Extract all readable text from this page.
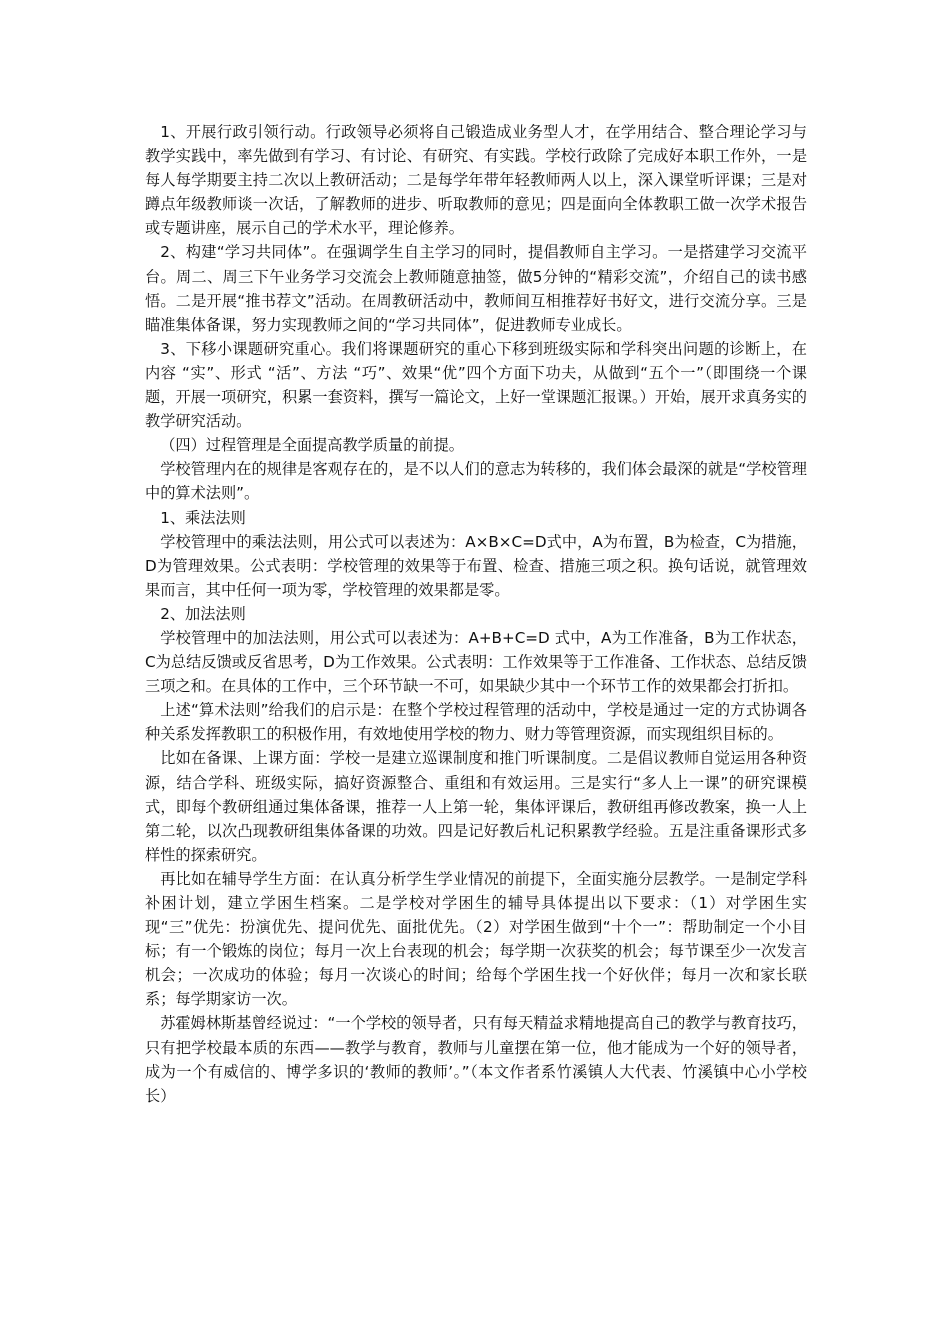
1、开展行政引领行动。行政领导必须将自己锻造成业务型人才，在学用结合、整合理论学习与教学实践中，率先做到有学习、有讨论、有研究、有实践。学校行政除了完成好本职工作外，一是每人每学期要主持二次以上教研活动；二是每学年带年轻教师两人以上，深入课堂听评课；三是对蹲点年级教师谈一次话，了解教师的进步、听取教师的意见；四是面向全体教职工做一次学术报告或专题讲座，展示自己的学术水平，理论修养。

2、构建“学习共同体”。在强调学生自主学习的同时，提倡教师自主学习。一是搭建学习交流平台。周二、周三下午业务学习交流会上教师随意抽签，做5分钟的“精彩交流”，介绍自己的读书感悟。二是开展“推书荐文”活动。在周教研活动中，教师间互相推荐好书好文，进行交流分享。三是瞄准集体备课，努力实现教师之间的“学习共同体”，促进教师专业成长。

3、下移小课题研究重心。我们将课题研究的重心下移到班级实际和学科突出问题的诊断上，在内容 “实”、形式 “活”、方法 “巧”、效果“优”四个方面下功夫，从做到“五个一”（即围绕一个课题，开展一项研究，积累一套资料，撰写一篇论文，上好一堂课题汇报课。）开始，展开求真务实的教学研究活动。

（四）过程管理是全面提高教学质量的前提。

学校管理内在的规律是客观存在的，是不以人们的意志为转移的，我们体会最深的就是“学校管理中的算术法则”。

1、乘法法则

学校管理中的乘法法则，用公式可以表述为：A×B×C=D式中，A为布置，B为检查，C为措施，D为管理效果。公式表明：学校管理的效果等于布置、检查、措施三项之积。换句话说，就管理效果而言，其中任何一项为零，学校管理的效果都是零。

2、加法法则

学校管理中的加法法则，用公式可以表述为：A+B+C=D 式中，A为工作准备，B为工作状态，C为总结反馈或反省思考，D为工作效果。公式表明：工作效果等于工作准备、工作状态、总结反馈三项之和。在具体的工作中，三个环节缺一不可，如果缺少其中一个环节工作的效果都会打折扣。

上述“算术法则”给我们的启示是：在整个学校过程管理的活动中，学校是通过一定的方式协调各种关系发挥教职工的积极作用，有效地使用学校的物力、财力等管理资源，而实现组织目标的。

比如在备课、上课方面：学校一是建立巡课制度和推门听课制度。二是倡议教师自觉运用各种资源，结合学科、班级实际，搞好资源整合、重组和有效运用。三是实行“多人上一课”的研究课模式，即每个教研组通过集体备课，推荐一人上第一轮，集体评课后，教研组再修改教案，换一人上第二轮，以次凸现教研组集体备课的功效。四是记好教后札记积累教学经验。五是注重备课形式多样性的探索研究。

再比如在辅导学生方面：在认真分析学生学业情况的前提下，全面实施分层教学。一是制定学科补困计划，建立学困生档案。二是学校对学困生的辅导具体提出以下要求：（1）对学困生实现“三”优先：扮演优先、提问优先、面批优先。（2）对学困生做到“十个一”：帮助制定一个小目标；有一个锻炼的岗位；每月一次上台表现的机会；每学期一次获奖的机会；每节课至少一次发言机会；一次成功的体验；每月一次谈心的时间；给每个学困生找一个好伙伴；每月一次和家长联系；每学期家访一次。

苏霍姆林斯基曾经说过：“一个学校的领导者，只有每天精益求精地提高自己的教学与教育技巧，只有把学校最本质的东西——教学与教育，教师与儿童摆在第一位，他才能成为一个好的领导者，成为一个有威信的、博学多识的‘教师的教师’。”（本文作者系竹溪镇人大代表、竹溪镇中心小学校长）
